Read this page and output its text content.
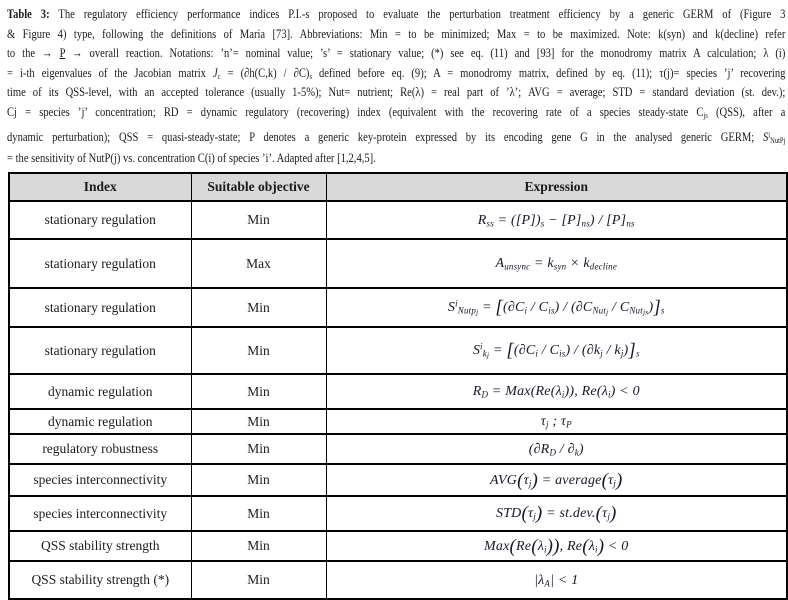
Table 3: The regulatory efficiency performance indices P.I.-s proposed to evaluate the perturbation treatment efficiency by a generic GERM of (Figure 3
& Figure 4) type, following the definitions of Maria [73]. Abbreviations: Min = to be minimized; Max = to be maximized. Note: k(syn) and k(decline) refer
to the → P → overall reaction. Notations: ’n’= nominal value; ’s’ = stationary value; (*) see eq. (11) and [93] for the monodromy matrix A calculation; λ (i)
= i-th eigenvalues of the Jacobian matrix Jc = (∂h(C,k) / ∂C)s defined before eq. (9); A = monodromy matrix, defined by eq. (11); τ(j)= species ’j’ recovering
time of its QSS-level, with an accepted tolerance (usually 1-5%); Nut= nutrient; Re(λ) = real part of ’λ’; AVG = average; STD = standard deviation (st. dev.);
Cj = species ’j’ concentration; RD = dynamic regulatory (recovering) index (equivalent with the recovering rate of a species steady-state Cjs (QSS), after a
dynamic perturbation); QSS = quasi-steady-state; P denotes a generic key-protein expressed by its encoding gene G in the analysed generic GERM; $S^iNutPj$
= the sensitivity of NutP(j) vs. concentration C(i) of species ’i’. Adapted after [1,2,4,5].
Index	Suitable objective	Expression
stationary regulation	Min	Rss = ([P])s − [P]ns) / [P]ns
stationary regulation	Max	Aunsync = ksyn × kdecline
stationary regulation	Min	$S^iNutp_j = [(\partial Ci / Cis)$ / (∂CNut$_j$ / CNut$_{js}$)]s
stationary regulation	Min	$S^ik_j = [(\partial Ci / Cis) / (\partial kj / kj)]s$
dynamic regulation	Min	RD = Max(Re(λi)), Re(λi) < 0
dynamic regulation	Min	τj ; τP
regulatory robustness	Min	(∂RD / ∂k)
species interconnectivity	Min	AVG(τj) = average(τj)
species interconnectivity	Min	STD(τj) = st.dev.(τj)
QSS stability strength	Min	Max(Re(λi)), Re(λi) < 0
QSS stability strength (*)	Min	|λA| < 1
